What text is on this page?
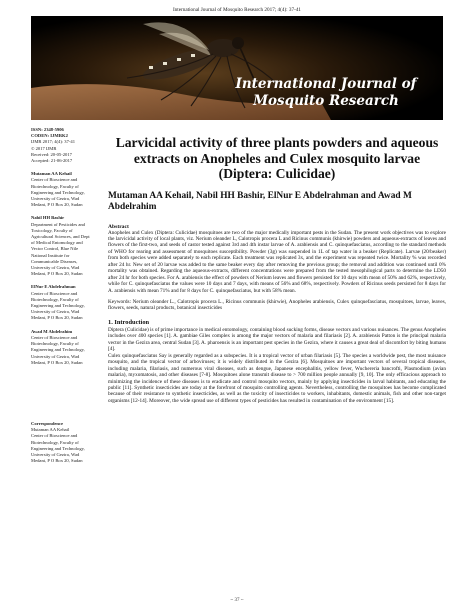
International Journal of Mosquito Research 2017; 4(4): 37-41
International Journal of
Mosquito Research
ISSN: 2348-5906
CODEN: IJMRK2
IJMR 2017; 4(4): 37-41
© 2017 IJMR
Received: 20-05-2017
Accepted: 21-06-2017
Mutaman AA Kehail
Center of Bioscience and
Biotechnology, Faculty of
Engineering and Technology,
University of Gezira, Wad
Medani, P O Box 20, Sudan
Nabil HH Bashir
Department of Pesticides and
Toxicology, Faculty of
Agricultural Sciences, and Dept
of Medical Entomology and
Vector Control, Blue Nile
National Institute for
Communicable Diseases,
University of Gezira, Wad
Medani, P O Box 20, Sudan
ElNur E Abdelrahman
Center of Bioscience and
Biotechnology, Faculty of
Engineering and Technology,
University of Gezira, Wad
Medani, P O Box 20, Sudan
Awad M Abdelrahim
Center of Bioscience and
Biotechnology, Faculty of
Engineering and Technology,
University of Gezira, Wad
Medani, P O Box 20, Sudan
Correspondence
Mutaman AA Kehail
Center of Bioscience and
Biotechnology, Faculty of
Engineering and Technology,
University of Gezira, Wad
Medani, P O Box 20, Sudan
Larvicidal activity of three plants powders and aqueous extracts on Anopheles and Culex mosquito larvae (Diptera: Culicidae)
Mutaman AA Kehail, Nabil HH Bashir, ElNur E Abdelrahman and Awad M Abdelrahim
Abstract

Anopheles and Culex (Diptera: Culicidae) mosquitoes are two of the major medically important pests in the Sudan. The present work objectives was to explore the larvicidal activity of local plants, viz. Nerium oleander L, Calotropis procera L and Ricinus communis (khirwie) powders and aqueous-extracts of leaves and flowers of the first-two, and seeds of castor tested against 3rd and 4th instar larvae of A. arabiensis and C. quinquefasciatus, according to the standard methods of WHO for rearing and assessment of mosquitoes susceptibility. Powder (3g) was suspended in 1L of tap water in a beaker (Replicate). Larvae (20/beaker) from both species were added separately to each replicate. Each treatment was replicated 3x, and the experiment was repeated twice. Mortality % was recorded after 24 hr. New set of 20 larvae was added to the same beaker every day after removing the previous group; the removal and addition was continued until 0% mortality was obtained. Regarding the aqueous-extracts, different concentrations were prepared from the tested mesophilogical parts to determine the LD50 after 24 hr for both species. For A. arabiensis the effect of powders of Nerium leaves and flowers persisted for 10 days with mean of 50% and 62%, respectively, while for C. quinquefasciatus the values were 10 days and 7 days, with means of 56% and 68%, respectively. Powders of Ricinus seeds persisted for 8 days for A. arabiensis with mean 71% and for 8 days for C. quinquefasciatus, but with 58% mean.

Keywords: Nerium oleander L., Calotropis procera L., Ricinus communis (khirwie), Anopheles arabiensis, Culex quinquefasciatus, mosquitoes, larvae, leaves, flowers, seeds, natural products, botanical insecticides

1. Introduction

Diptera (Culicidae) is of prime importance in medical entomology, containing blood sucking forms, disease vectors and various nuisances. The genus Anopheles includes over 400 species [1]. A. gambiae Giles complex is among the major vectors of malaria and filariasis [2]. A. arabiensis Patton is the principal malaria vector in the Gezira area, central Sudan [3]. A. pharoensis is an important pest species in the Gezira, where it causes a great deal of discomfort by biting humans [4].

Culex quinquefasciatus Say is generally regarded as a subspecies. It is a tropical vector of urban filariasis [5]. The species a worldwide pest, the most nuisance mosquito, and the tropical vector of arboviruses; it is widely distributed in the Gezira [6]. Mosquitoes are important vectors of several tropical diseases, including malaria, filariasis, and numerous viral diseases, such as dengue, Japanese encephalitis, yellow fever, Wuchereria bancrofti, Plasmodium (avian malaria), myxomatosis, and other diseases [7-8]. Mosquitoes alone transmit disease to > 700 million people annually [9, 10]. The only efficacious approach to minimizing the incidence of these diseases is to eradicate and control mosquito vectors, mainly by applying insecticides in larval habitants, and educating the public [11]. Synthetic insecticides are today at the forefront of mosquito controlling agents. Nevertheless, controlling the mosquitoes has become complicated because of their resistance to synthetic insecticides, as well as the toxicity of insecticides to workers, inhabitants, domestic animals, fish and other non-target organisms [12-14]. Moreover, the wide spread use of different types of pesticides has resulted in contamination of the environment [15].

~ 37 ~
